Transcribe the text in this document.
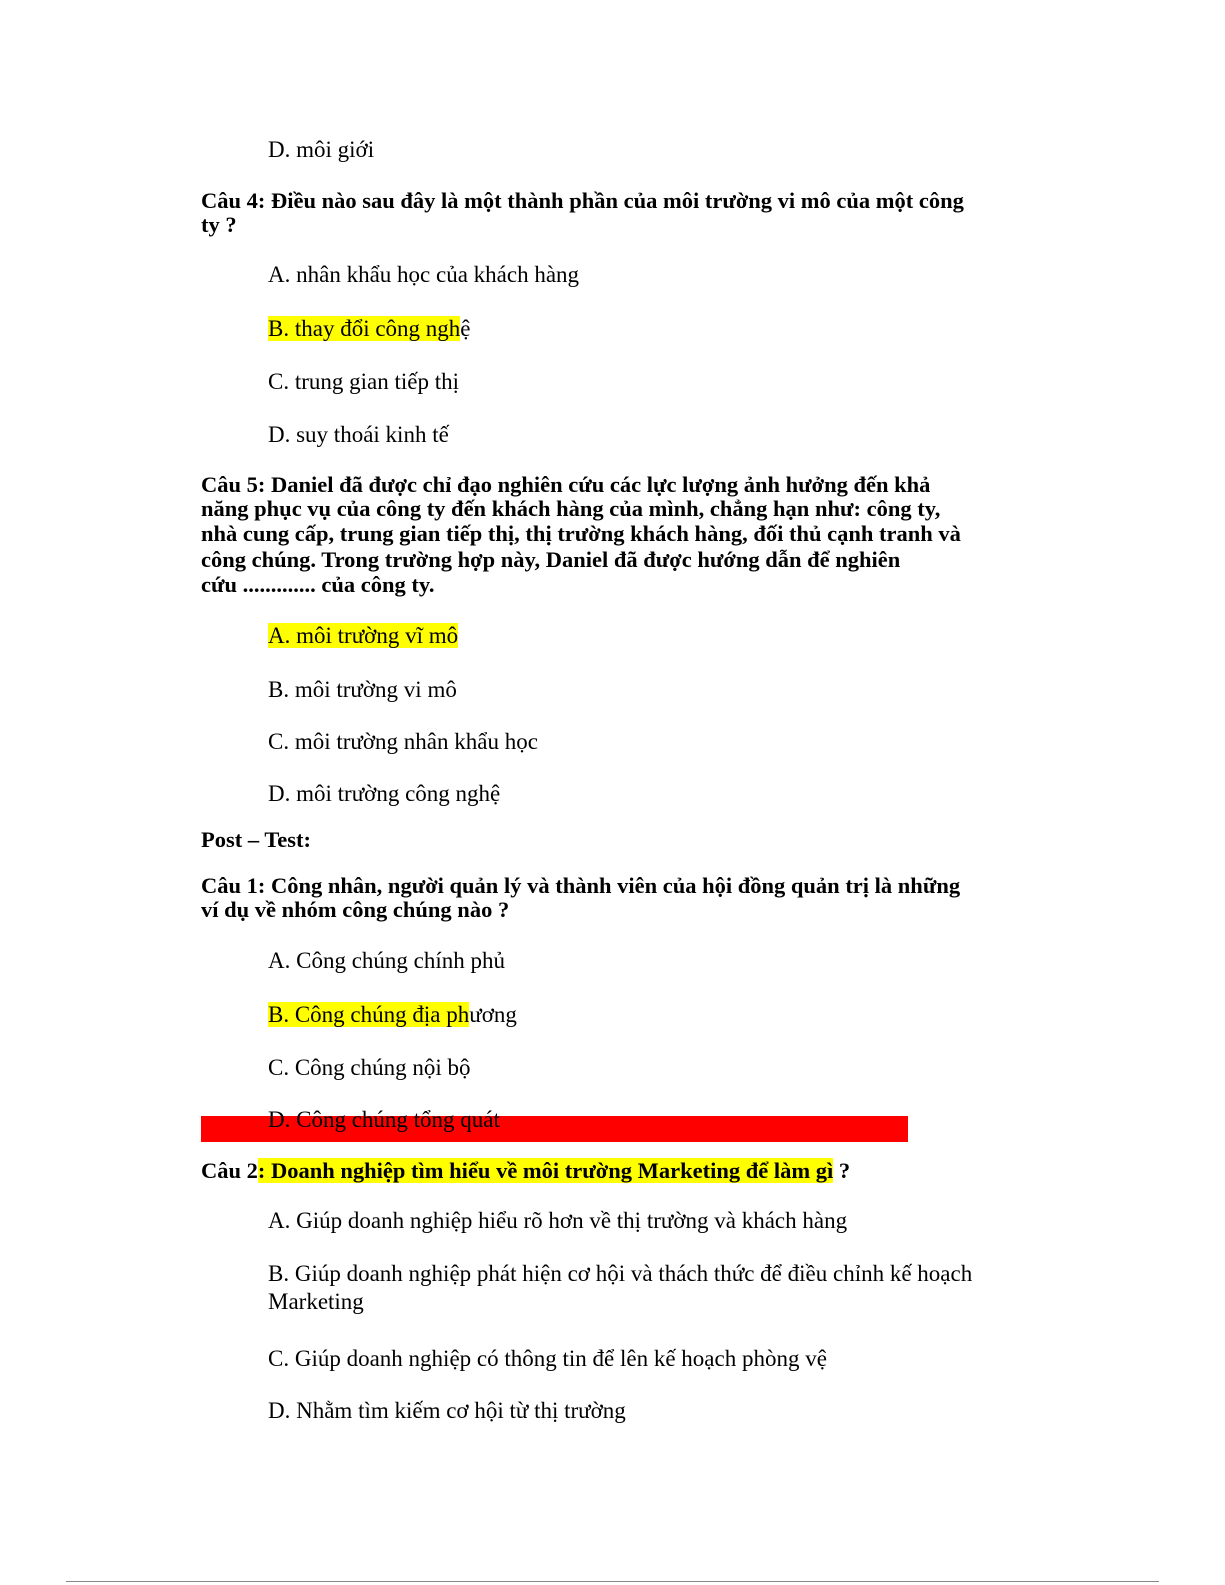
D. môi giới
Câu 4: Điều nào sau đây là một thành phần của môi trường vi mô của một công
ty ?
A. nhân khẩu học của khách hàng
B. thay đổi công nghệ
C. trung gian tiếp thị
D. suy thoái kinh tế
Câu 5: Daniel đã được chỉ đạo nghiên cứu các lực lượng ảnh hưởng đến khả
năng phục vụ của công ty đến khách hàng của mình, chẳng hạn như: công ty,
nhà cung cấp, trung gian tiếp thị, thị trường khách hàng, đối thủ cạnh tranh và
công chúng. Trong trường hợp này, Daniel đã được hướng dẫn để nghiên
cứu ............. của công ty.
A. môi trường vĩ mô
B. môi trường vi mô
C. môi trường nhân khẩu học
D. môi trường công nghệ
Post – Test:
Câu 1: Công nhân, người quản lý và thành viên của hội đồng quản trị là những
ví dụ về nhóm công chúng nào ?
A. Công chúng chính phủ
B. Công chúng địa phương
C. Công chúng nội bộ
D. Công chúng tổng quát
Câu 2: Doanh nghiệp tìm hiểu về môi trường Marketing để làm gì ?
A. Giúp doanh nghiệp hiểu rõ hơn về thị trường và khách hàng
B. Giúp doanh nghiệp phát hiện cơ hội và thách thức để điều chỉnh kế hoạch
Marketing
C. Giúp doanh nghiệp có thông tin để lên kế hoạch phòng vệ
D. Nhằm tìm kiếm cơ hội từ thị trường
